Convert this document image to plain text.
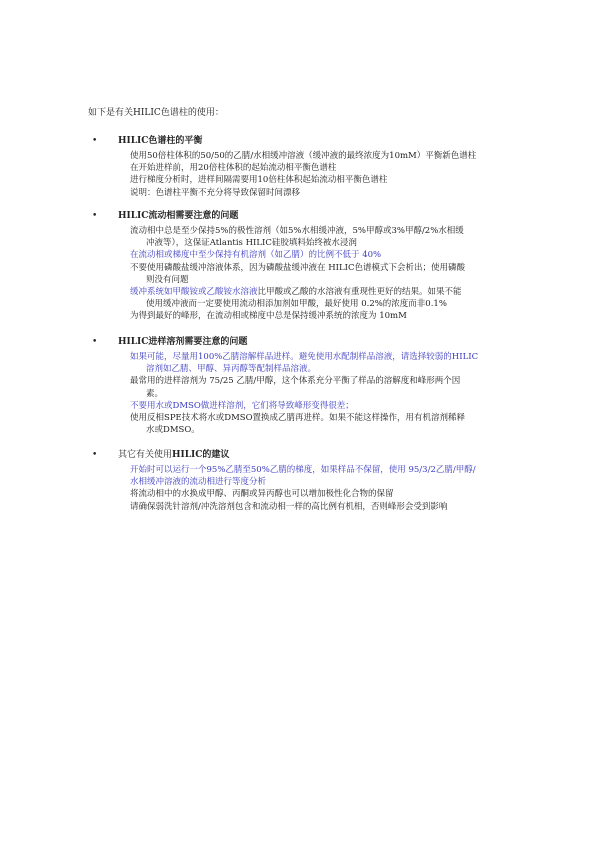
如下是有关HILIC色谱柱的使用：
• HILIC色谱柱的平衡
使用50倍柱体积的50/50的乙腈/水相缓冲溶液（缓冲液的最终浓度为10mM）平衡新色谱柱
在开始进样前，用20倍柱体积的起始流动相平衡色谱柱
进行梯度分析时，进样间隔需要用10倍柱体积起始流动相平衡色谱柱
说明：色谱柱平衡不充分将导致保留时间漂移
• HILIC流动相需要注意的问题
流动相中总是至少保持5%的极性溶剂（如5%水相缓冲液，5%甲醇或3%甲醇/2%水相缓
冲液等），这保证Atlantis HILIC硅胶填料始终被水浸润
在流动相或梯度中至少保持有机溶剂（如乙腈）的比例不低于 40%
不要使用磷酸盐缓冲溶液体系，因为磷酸盐缓冲液在 HILIC色谱模式下会析出；使用磷酸
则没有问题
缓冲系统如甲酸铵或乙酸铵水溶液比甲酸或乙酸的水溶液有重现性更好的结果。如果不能
使用缓冲液而一定要使用流动相添加剂如甲酸，最好使用 0.2%的浓度而非0.1%
为得到最好的峰形，在流动相或梯度中总是保持缓冲系统的浓度为 10mM
• HILIC进样溶剂需要注意的问题
如果可能，尽量用100%乙腈溶解样品进样。避免使用水配制样品溶液，请选择较弱的HILIC
溶剂如乙腈、甲醇、异丙醇等配制样品溶液。
最常用的进样溶剂为 75/25 乙腈/甲醇，这个体系充分平衡了样品的溶解度和峰形两个因
素。
不要用水或DMSO做进样溶剂，它们将导致峰形变得很差；
使用反相SPE技术将水或DMSO置换成乙腈再进样。如果不能这样操作，用有机溶剂稀释
水或DMSO。
• 其它有关使用HILIC的建议
开始时可以运行一个95%乙腈至50%乙腈的梯度，如果样品不保留，使用 95/3/2乙腈/甲醇/
水相缓冲溶液的流动相进行等度分析
将流动相中的水换成甲醇、丙酮或异丙醇也可以增加极性化合物的保留
请确保弱洗针溶剂/冲洗溶剂包含和流动相一样的高比例有机相，否则峰形会受到影响
